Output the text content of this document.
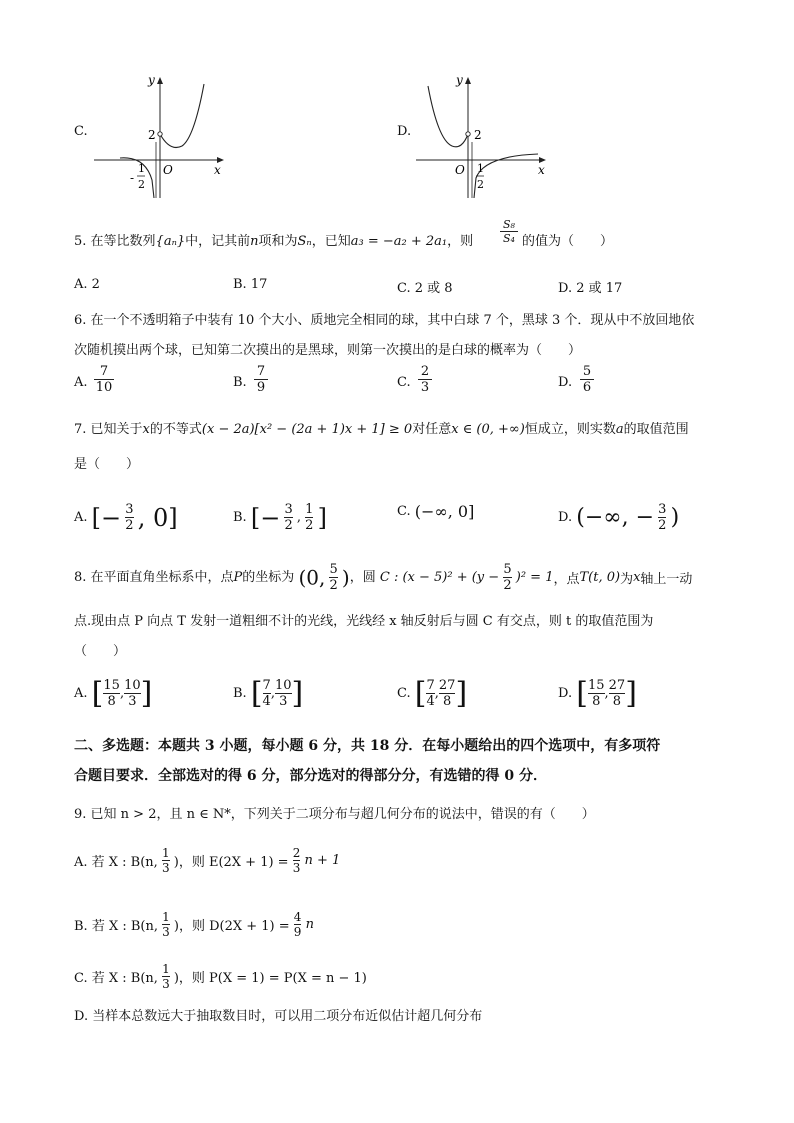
C.
y
x
2
O
-
1
2
D.
y
x
2
O 1
2
5. 在等比数列{aₙ}中，记其前n项和为Sₙ，已知a₃ = −a₂ + 2a₁，则
S₈
S₄ 的值为（　　）
A. 2	B. 17	C. 2 或 8	D. 2 或 17
6. 在一个不透明箱子中装有 10 个大小、质地完全相同的球，其中白球 7 个，黑球 3 个．现从中不放回地依
次随机摸出两个球，已知第二次摸出的是黑球，则第一次摸出的是白球的概率为（　　）
A.
7
10	B.
7
9	C.
2
3	D.
5
6
7. 已知关于x的不等式(x − 2a)[x² − (2a + 1)x + 1] ≥ 0对任意x ∈ (0, +∞)恒成立，则实数a的取值范围
是（　　）
A. [− $\frac{3}{2}$ , 0]	B. [− $\frac{3}{2}$ , $\frac{1}{2}$ ]	C. (−∞, 0]	D. (−∞, − $\frac{3}{2}$ )
8. 在平面直角坐标系中，点P的坐标为 (0, $\frac{5}{2}$ )，圆 C : $(x - 5)^2 + (y - \frac{5}{2} )^2 = 1$，点T(t, 0)为x轴上一动
点.现由点 P 向点 T 发射一道粗细不计的光线，光线经 x 轴反射后与圆 C 有交点，则 t 的取值范围为
（　　）
A. [ $\frac{15}{8}$ , $\frac{10}{3}$ ]	B. [ $\frac{7}{4}$ , $\frac{10}{3}$ ]	C. [ $\frac{7}{4}$ , $\frac{27}{8}$ ]	D. [ $\frac{15}{8}$ , $\frac{27}{8}$ ]
二、多选题：本题共 3 小题，每小题 6 分，共 18 分．在每小题给出的四个选项中，有多项符
合题目要求．全部选对的得 6 分，部分选对的得部分分，有选错的得 0 分．
9. 已知 n > 2，且 n ∈ N*，下列关于二项分布与超几何分布的说法中，错误的有（　　）
A. 若 X : B(n, $\frac{1}{3}$ )，则 $E(2X + 1) = \frac{2}{3}$ n + 1
B. 若 X : B(n, $\frac{1}{3}$ )，则 $D(2X + 1) = \frac{4}{9}$ n
C. 若 X : B(n, $\frac{1}{3}$ )，则 P(X = 1) = P(X = n − 1)
D. 当样本总数远大于抽取数目时，可以用二项分布近似估计超几何分布
